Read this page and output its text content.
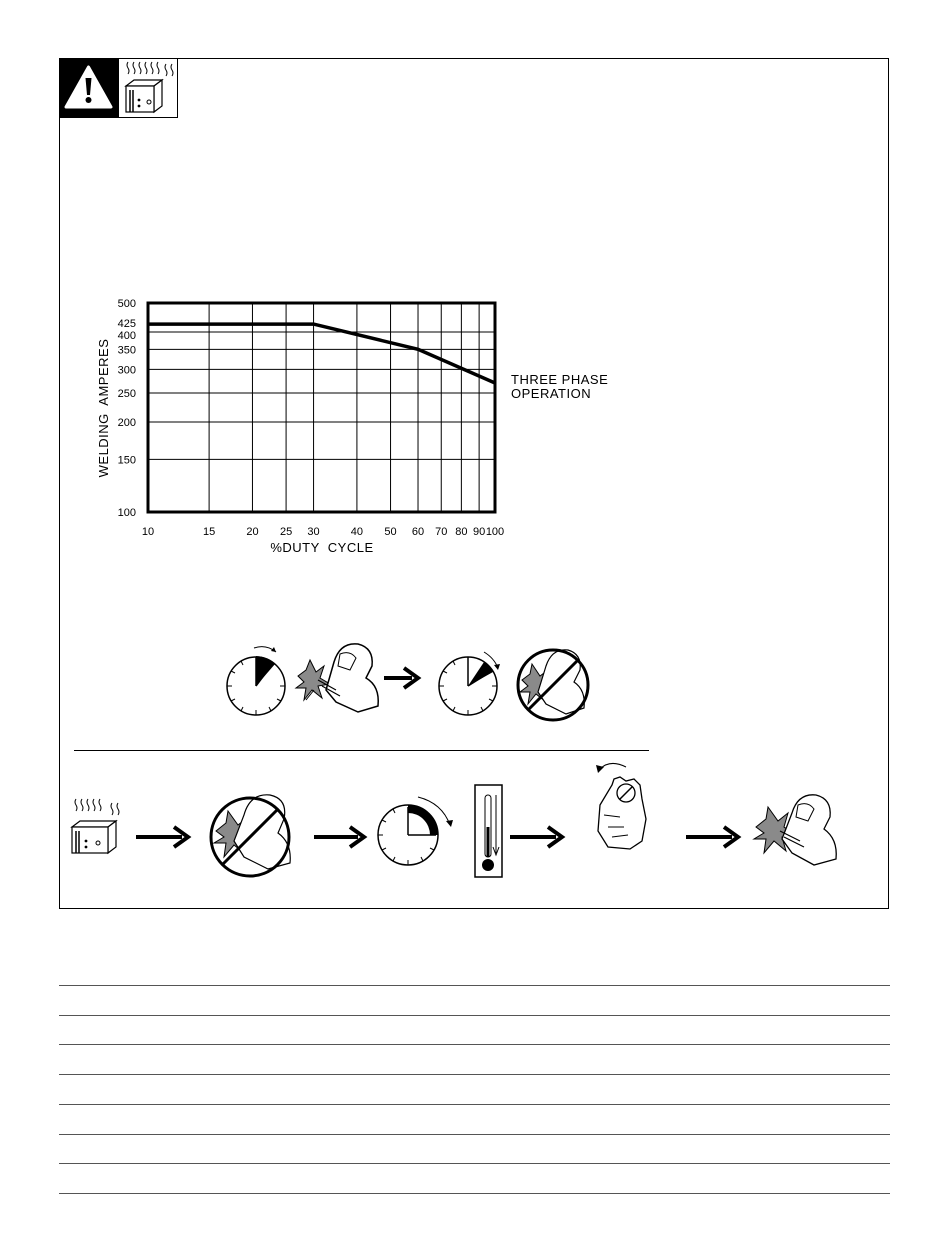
10	15	20 25 30	40 50 60 70 80 90 100
100
150
200
250
300
350
400
425
500
THREE PHASE
OPERATION
%DUTY  CYCLE
WELDING  AMPERES
